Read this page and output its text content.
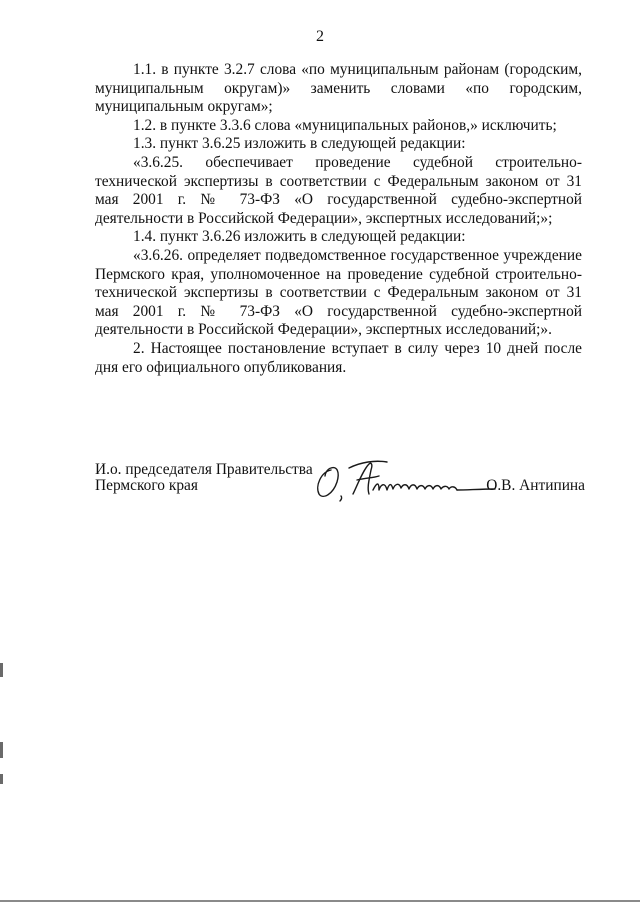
2

1.1. в пункте 3.2.7 слова «по муниципальным районам (городским, муниципальным округам)» заменить словами «по городским, муниципальным округам»;

1.2. в пункте 3.3.6 слова «муниципальных районов,» исключить;

1.3. пункт 3.6.25 изложить в следующей редакции:

«3.6.25. обеспечивает проведение судебной строительно-технической экспертизы в соответствии с Федеральным законом от 31 мая 2001 г. № 73-ФЗ «О государственной судебно-экспертной деятельности в Российской Федерации», экспертных исследований;»;

1.4. пункт 3.6.26 изложить в следующей редакции:

«3.6.26. определяет подведомственное государственное учреждение Пермского края, уполномоченное на проведение судебной строительно-технической экспертизы в соответствии с Федеральным законом от 31 мая 2001 г. № 73-ФЗ «О государственной судебно-экспертной деятельности в Российской Федерации», экспертных исследований;».

2. Настоящее постановление вступает в силу через 10 дней после дня его официального опубликования.

И.о. председателя Правительства
Пермского края	О.В. Антипина
